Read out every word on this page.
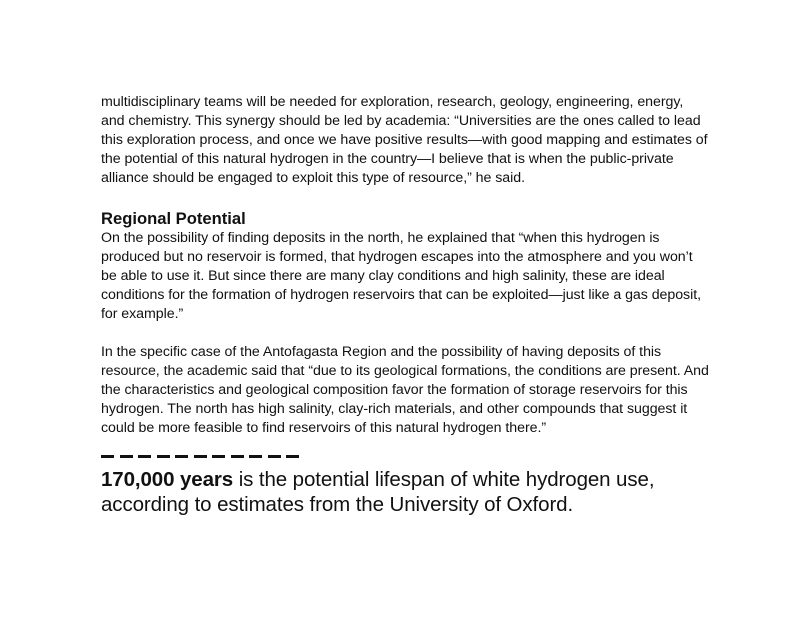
multidisciplinary teams will be needed for exploration, research, geology, engineering, energy, and chemistry. This synergy should be led by academia: “Universities are the ones called to lead this exploration process, and once we have positive results—with good mapping and estimates of the potential of this natural hydrogen in the country—I believe that is when the public-private alliance should be engaged to exploit this type of resource,” he said.

Regional Potential

On the possibility of finding deposits in the north, he explained that “when this hydrogen is produced but no reservoir is formed, that hydrogen escapes into the atmosphere and you won’t be able to use it. But since there are many clay conditions and high salinity, these are ideal conditions for the formation of hydrogen reservoirs that can be exploited—just like a gas deposit, for example.”

In the specific case of the Antofagasta Region and the possibility of having deposits of this resource, the academic said that “due to its geological formations, the conditions are present. And the characteristics and geological composition favor the formation of storage reservoirs for this hydrogen. The north has high salinity, clay-rich materials, and other compounds that suggest it could be more feasible to find reservoirs of this natural hydrogen there.”

170,000 years is the potential lifespan of white hydrogen use, according to estimates from the University of Oxford.
